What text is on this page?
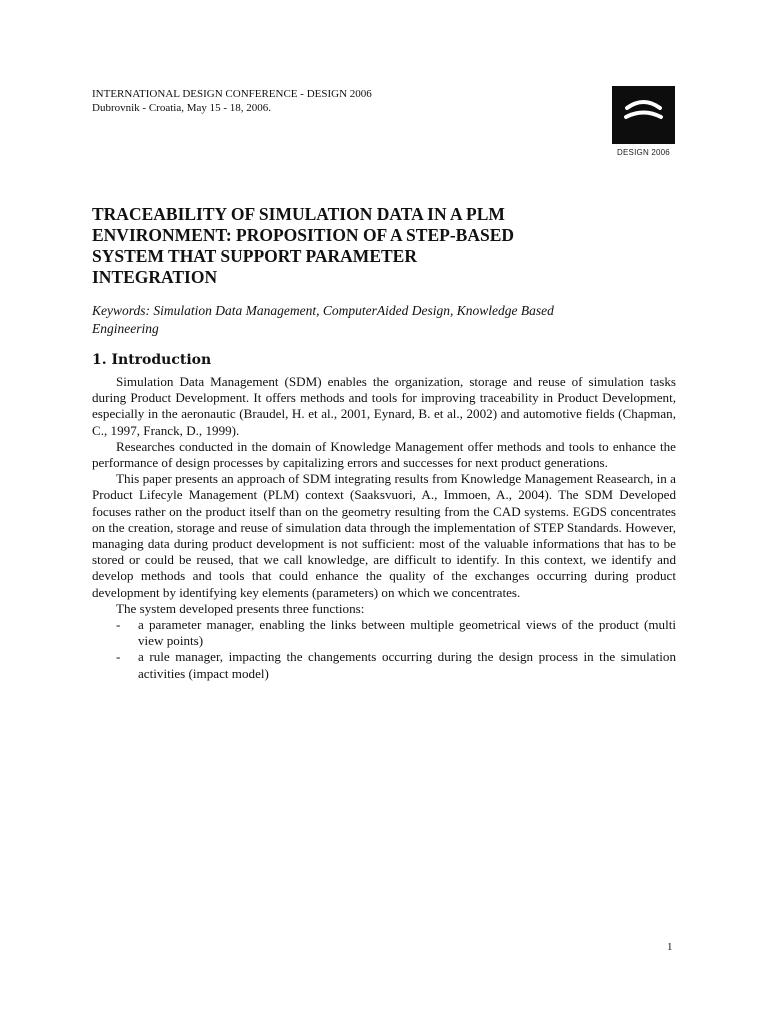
INTERNATIONAL DESIGN CONFERENCE - DESIGN 2006
Dubrovnik - Croatia, May 15 - 18, 2006.
DESIGN 2006
TRACEABILITY OF SIMULATION DATA IN A PLM ENVIRONMENT: PROPOSITION OF A STEP-BASED SYSTEM THAT SUPPORT PARAMETER INTEGRATION

Keywords: Simulation Data Management, ComputerAided Design, Knowledge Based Engineering

1. Introduction

Simulation Data Management (SDM) enables the organization, storage and reuse of simulation tasks during Product Development. It offers methods and tools for improving traceability in Product Development, especially in the aeronautic (Braudel, H. et al., 2001, Eynard, B. et al., 2002) and automotive fields (Chapman, C., 1997, Franck, D., 1999).

Researches conducted in the domain of Knowledge Management offer methods and tools to enhance the performance of design processes by capitalizing errors and successes for next product generations.

This paper presents an approach of SDM integrating results from Knowledge Management Reasearch, in a Product Lifecyle Management (PLM) context (Saaksvuori, A., Immoen, A., 2004). The SDM Developed focuses rather on the product itself than on the geometry resulting from the CAD systems. EGDS concentrates on the creation, storage and reuse of simulation data through the implementation of STEP Standards. However, managing data during product development is not sufficient: most of the valuable informations that has to be stored or could be reused, that we call knowledge, are difficult to identify. In this context, we identify and develop methods and tools that could enhance the quality of the exchanges occurring during product development by identifying key elements (parameters) on which we concentrates.

The system developed presents three functions:

- a parameter manager, enabling the links between multiple geometrical views of the product (multi view points)
- a rule manager, impacting the changements occurring during the design process in the simulation activities (impact model)
1
